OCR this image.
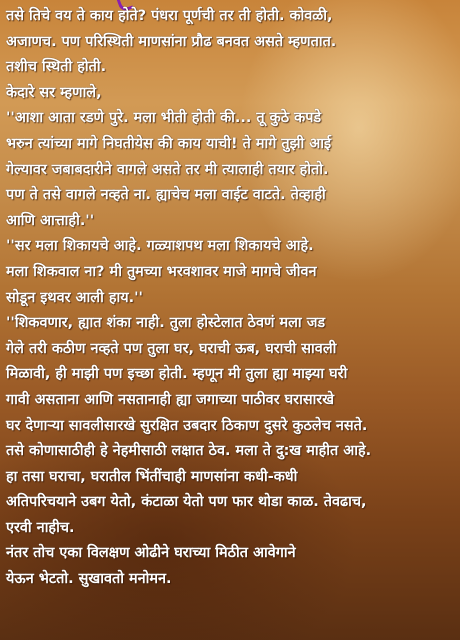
तसे तिचे वय ते काय होते? पंधरा पूर्णची तर ती होती. कोवळी,
अजाणच. पण परिस्थिती माणसांना प्रौढ बनवत असते म्हणतात.
तशीच स्थिती होती.
केदारे सर म्हणाले,
''आशा आता रडणे पुरे. मला भीती होती की... तू कुठे कपडे
भरुन त्यांच्या मागे निघतीयेस की काय याची! ते मागे तुझी आई
गेल्यावर जबाबदारीने वागले असते तर मी त्यालाही तयार होतो.
पण ते तसे वागले नव्हते ना. ह्याचेच मला वाईट वाटते. तेव्हाही
आणि आत्ताही.''
''सर मला शिकायचे आहे. गळ्याशपथ मला शिकायचे आहे.
मला शिकवाल ना? मी तुमच्या भरवशावर माजे मागचे जीवन
सोडून इथवर आली हाय.''
''शिकवणार, ह्यात शंका नाही. तुला होस्टेलात ठेवणं मला जड
गेले तरी कठीण नव्हते पण तुला घर, घराची ऊब, घराची सावली
मिळावी, ही माझी पण इच्छा होती. म्हणून मी तुला ह्या माझ्या घरी
गावी असताना आणि नसतानाही ह्या जगाच्या पाठीवर घरासारखे
घर देणाऱ्या सावलीसारखे सुरक्षित उबदार ठिकाण दुसरे कुठलेच नसते.
तसे कोणासाठीही हे नेहमीसाठी लक्षात ठेव. मला ते दु:ख माहीत आहे.
हा तसा घराचा, घरातील भिंतींचाही माणसांना कधी-कधी
अतिपरिचयाने उबग येतो, कंटाळा येतो पण फार थोडा काळ. तेवढाच,
एरवी नाहीच.
नंतर तोच एका विलक्षण ओढीने घराच्या मिठीत आवेगाने
येऊन भेटतो. सुखावतो मनोमन.
